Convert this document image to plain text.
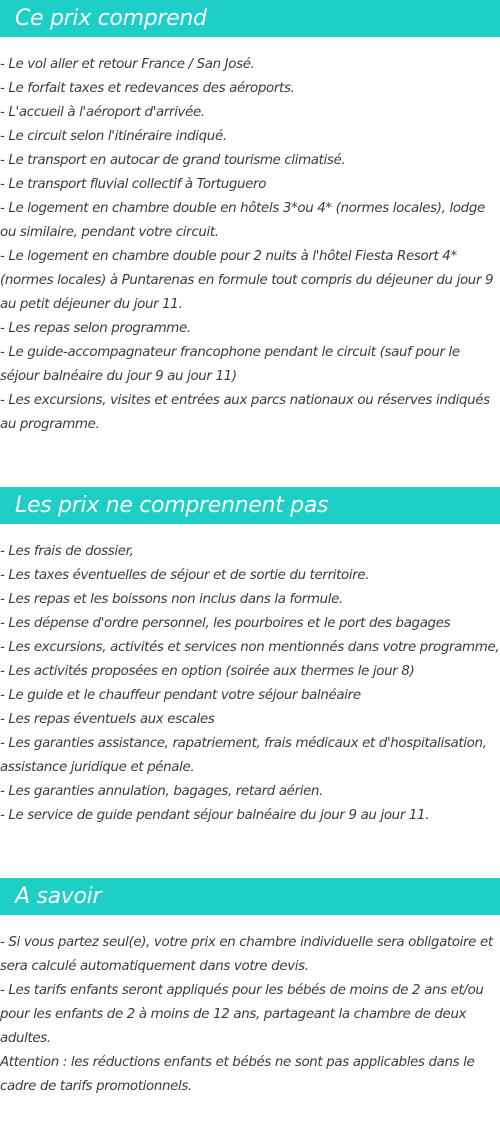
Ce prix comprend
- Le vol aller et retour France / San José.
- Le forfait taxes et redevances des aéroports.
- L'accueil à l'aéroport d'arrivée.
- Le circuit selon l'itinéraire indiqué.
- Le transport en autocar de grand tourisme climatisé.
- Le transport fluvial collectif à Tortuguero
- Le logement en chambre double en hôtels 3*ou 4* (normes locales), lodge ou similaire, pendant votre circuit.
- Le logement en chambre double pour 2 nuits à l'hôtel Fiesta Resort 4* (normes locales) à Puntarenas en formule tout compris du déjeuner du jour 9 au petit déjeuner du jour 11.
- Les repas selon programme.
- Le guide-accompagnateur francophone pendant le circuit (sauf pour le séjour balnéaire du jour 9 au jour 11)
- Les excursions, visites et entrées aux parcs nationaux ou réserves indiqués au programme.
Les prix ne comprennent pas
- Les frais de dossier,
- Les taxes éventuelles de séjour et de sortie du territoire.
- Les repas et les boissons non inclus dans la formule.
- Les dépense d'ordre personnel, les pourboires et le port des bagages
- Les excursions, activités et services non mentionnés dans votre programme,
- Les activités proposées en option (soirée aux thermes le jour 8)
- Le guide et le chauffeur pendant votre séjour balnéaire
- Les repas éventuels aux escales
- Les garanties assistance, rapatriement, frais médicaux et d'hospitalisation, assistance juridique et pénale.
- Les garanties annulation, bagages, retard aérien.
- Le service de guide pendant séjour balnéaire du jour 9 au jour 11.
A savoir
- Si vous partez seul(e), votre prix en chambre individuelle sera obligatoire et sera calculé automatiquement dans votre devis.
- Les tarifs enfants seront appliqués pour les bébés de moins de 2 ans et/ou pour les enfants de 2 à moins de 12 ans, partageant la chambre de deux adultes.
Attention : les réductions enfants et bébés ne sont pas applicables dans le cadre de tarifs promotionnels.
